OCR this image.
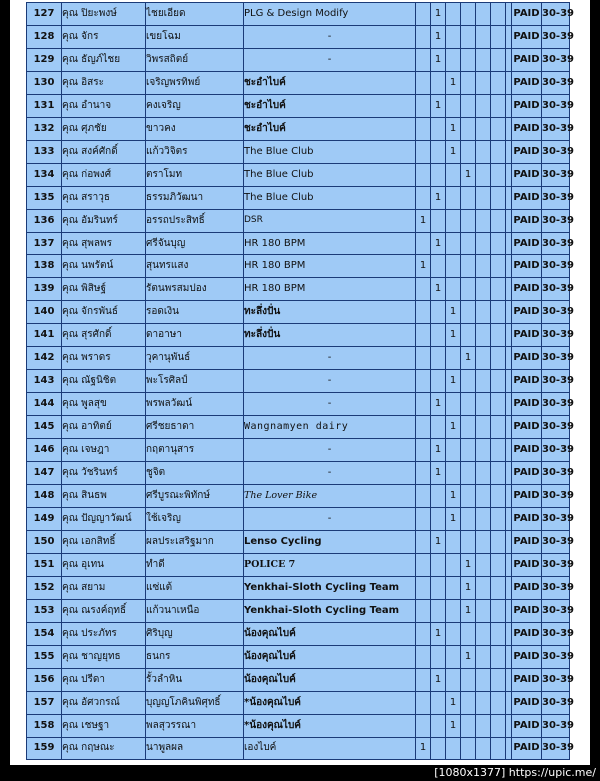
127	คุณ ปิยะพงษ์	ไชยเอียด	PLG & Design Modify		1						PAID	30-39
128	คุณ จักร	เขยโฉม	-		1						PAID	30-39
129	คุณ ธัญภ์ไชย	วิพรสถิตย์	-		1						PAID	30-39
130	คุณ อิสระ	เจริญพรทิพย์	ชะอำไบค์			1					PAID	30-39
131	คุณ อำนาจ	คงเจริญ	ชะอำไบค์		1						PAID	30-39
132	คุณ ศุภชัย	ขาวคง	ชะอำไบค์			1					PAID	30-39
133	คุณ สงค์ศักดิ์	แก้ววิจิตร	The Blue Club			1					PAID	30-39
134	คุณ ก่อพงศ์	ตราโมท	The Blue Club				1				PAID	30-39
135	คุณ สราวุธ	ธรรมภิวัฒนา	The Blue Club		1						PAID	30-39
136	คุณ อัมรินทร์	อรรถประสิทธิ์	DSR	1							PAID	30-39
137	คุณ สุพลพร	ศรีจันบุญ	HR 180 BPM		1						PAID	30-39
138	คุณ นพรัตน์	สุนทรแสง	HR 180 BPM	1							PAID	30-39
139	คุณ พิสิษฐ์	รัตนพรสมปอง	HR 180 BPM		1						PAID	30-39
140	คุณ จักรพันธ์	รอดเงิน	ทะลึ่งปั่น			1					PAID	30-39
141	คุณ สุรศักดิ์	ดาอาษา	ทะลึ่งปั่น			1					PAID	30-39
142	คุณ พราดร	วุคานุพันธ์	-				1				PAID	30-39
143	คุณ ณัฐนิชิต	พะโรศิลป์	-			1					PAID	30-39
144	คุณ พูลสุข	พรพลวัฒน์	-		1						PAID	30-39
145	คุณ อาทิตย์	ศรีชยธาดา	Wangnamyen dairy			1					PAID	30-39
146	คุณ เจษฎา	กฤตานุสาร	-		1						PAID	30-39
147	คุณ วัชรินทร์	ชูจิต	-		1						PAID	30-39
148	คุณ สินธพ	ศรีบูรณะพิทักษ์	The Lover Bike			1					PAID	30-39
149	คุณ ปัญญาวัฒน์	ใช้เจริญ	-			1					PAID	30-39
150	คุณ เอกสิทธิ์	ผลประเสริฐมาก	Lenso Cycling		1						PAID	30-39
151	คุณ อุเทน	ทำดี	POLICE 7				1				PAID	30-39
152	คุณ สยาม	แซ่แต้	Yenkhai-Sloth Cycling Team				1				PAID	30-39
153	คุณ ณรงค์ฤทธิ์	แก้วนาเหนือ	Yenkhai-Sloth Cycling Team				1				PAID	30-39
154	คุณ ประภัทร	ศิริบุญ	น้องคุณไบค์		1						PAID	30-39
155	คุณ ชาญยุทธ	ธนกร	น้องคุณไบค์				1				PAID	30-39
156	คุณ ปรีดา	รั้วลำหิน	น้องคุณไบค์		1						PAID	30-39
157	คุณ อัศวกรณ์	บุญญโภคินพิศุทธิ์	*น้องคุณไบค์			1					PAID	30-39
158	คุณ เชษฐา	พลสุวรรณา	*น้องคุณไบค์			1					PAID	30-39
159	คุณ กฤษณะ	นาพูลผล	เองไบค์	1							PAID	30-39
[1080x1377] https://upic.me/
